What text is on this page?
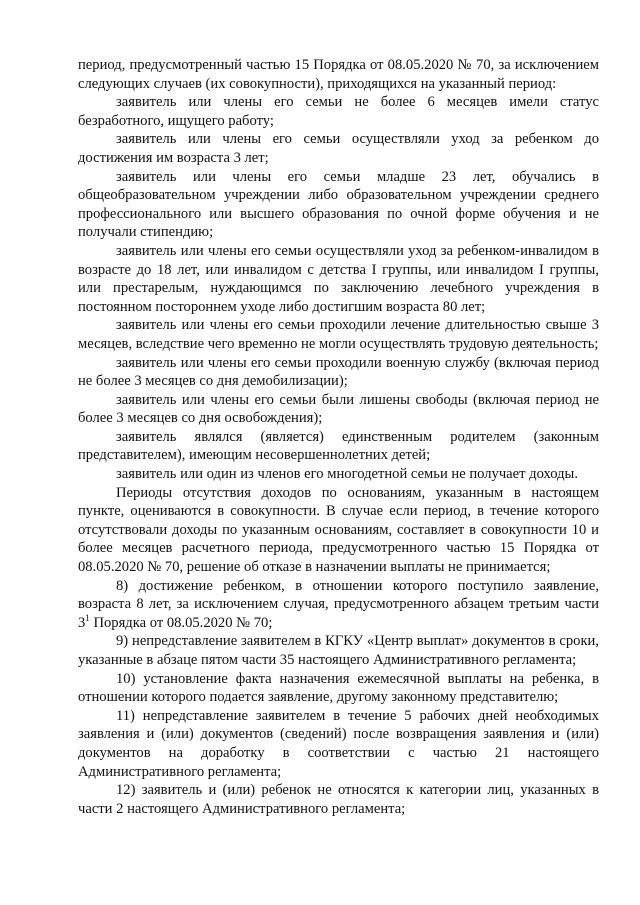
период, предусмотренный частью 15 Порядка от 08.05.2020 № 70, за исключением следующих случаев (их совокупности), приходящихся на указанный период:

заявитель или члены его семьи не более 6 месяцев имели статус безработного, ищущего работу;

заявитель или члены его семьи осуществляли уход за ребенком до достижения им возраста 3 лет;

заявитель или члены его семьи младше 23 лет, обучались в общеобразовательном учреждении либо образовательном учреждении среднего профессионального или высшего образования по очной форме обучения и не получали стипендию;

заявитель или члены его семьи осуществляли уход за ребенком-инвалидом в возрасте до 18 лет, или инвалидом с детства I группы, или инвалидом I группы, или престарелым, нуждающимся по заключению лечебного учреждения в постоянном постороннем уходе либо достигшим возраста 80 лет;

заявитель или члены его семьи проходили лечение длительностью свыше 3 месяцев, вследствие чего временно не могли осуществлять трудовую деятельность;

заявитель или члены его семьи проходили военную службу (включая период не более 3 месяцев со дня демобилизации);

заявитель или члены его семьи были лишены свободы (включая период не более 3 месяцев со дня освобождения);

заявитель являлся (является) единственным родителем (законным представителем), имеющим несовершеннолетних детей;

заявитель или один из членов его многодетной семьи не получает доходы.

Периоды отсутствия доходов по основаниям, указанным в настоящем пункте, оцениваются в совокупности. В случае если период, в течение которого отсутствовали доходы по указанным основаниям, составляет в совокупности 10 и более месяцев расчетного периода, предусмотренного частью 15 Порядка от 08.05.2020 № 70, решение об отказе в назначении выплаты не принимается;

8) достижение ребенком, в отношении которого поступило заявление, возраста 8 лет, за исключением случая, предусмотренного абзацем третьим части $3^1$ Порядка от 08.05.2020 № 70;

9) непредставление заявителем в КГКУ «Центр выплат» документов в сроки, указанные в абзаце пятом части 35 настоящего Административного регламента;

10) установление факта назначения ежемесячной выплаты на ребенка, в отношении которого подается заявление, другому законному представителю;

11) непредставление заявителем в течение 5 рабочих дней необходимых заявления и (или) документов (сведений) после возвращения заявления и (или) документов на доработку в соответствии с частью 21 настоящего Административного регламента;

12) заявитель и (или) ребенок не относятся к категории лиц, указанных в части 2 настоящего Административного регламента;
